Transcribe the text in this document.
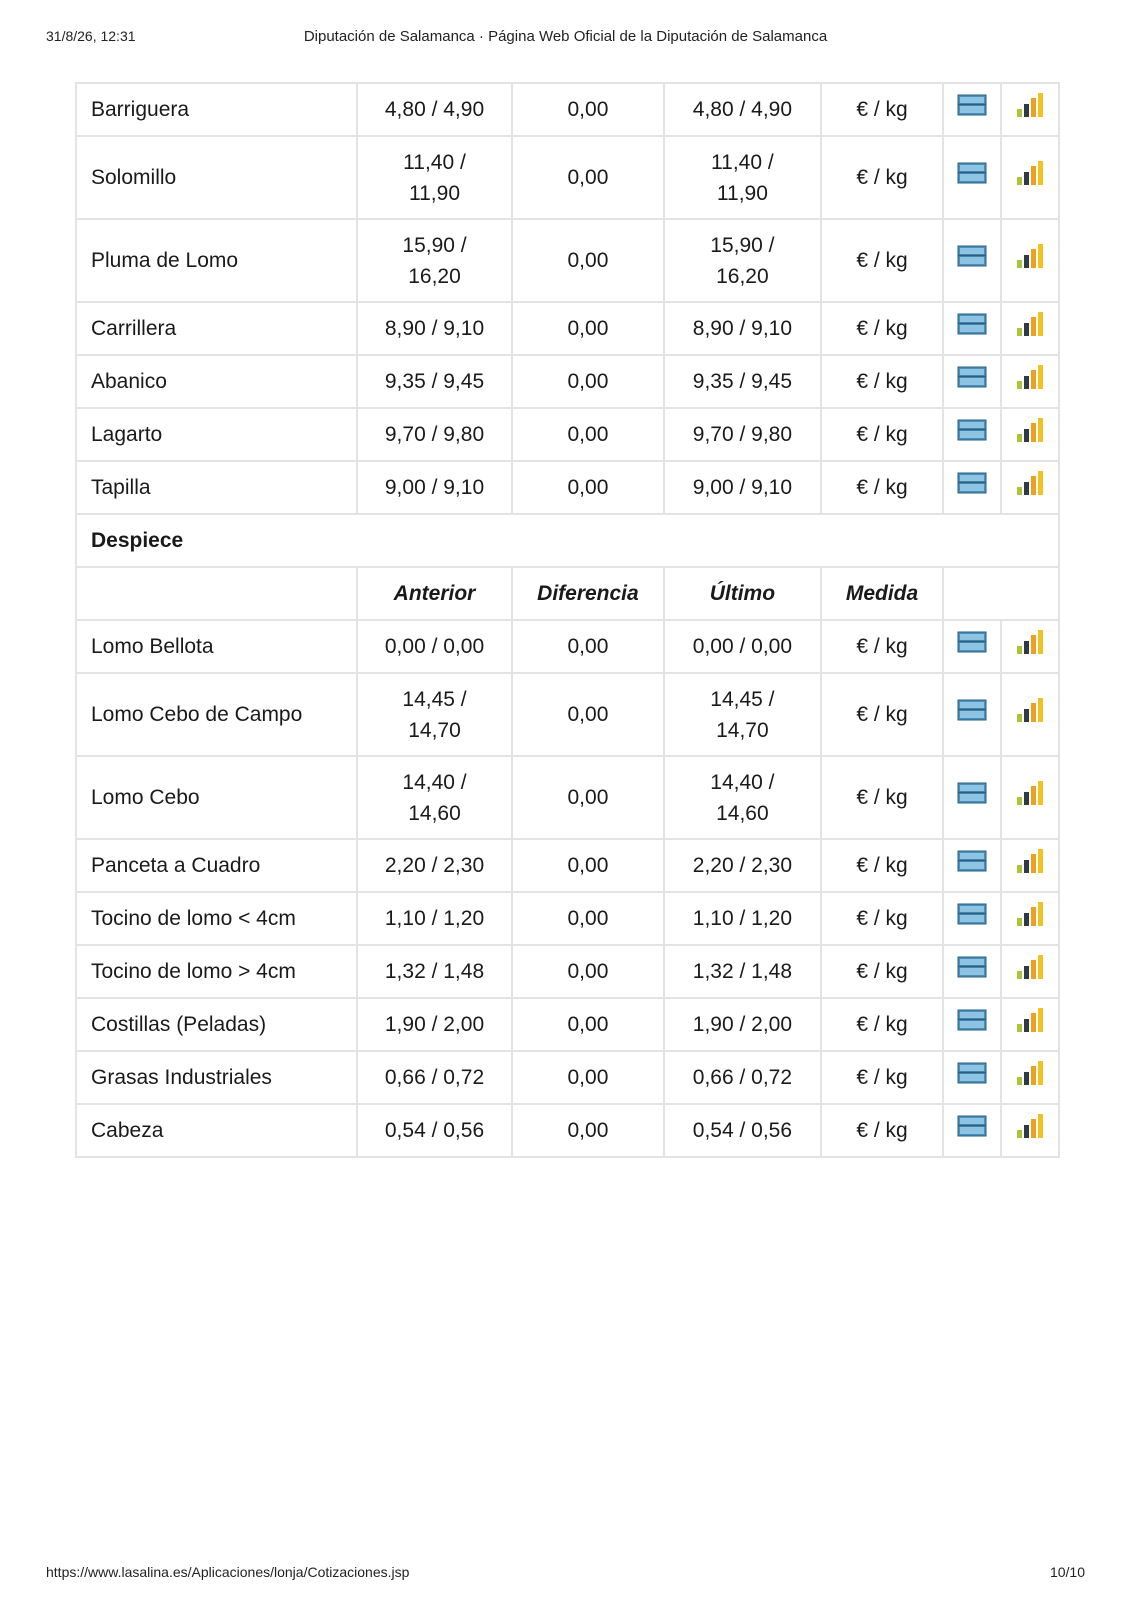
31/8/26, 12:31	Diputación de Salamanca · Página Web Oficial de la Diputación de Salamanca
Barriguera	4,80 / 4,90	0,00	4,80 / 4,90	€ / kg		
Solomillo	11,40 /
11,90	0,00	11,40 /
11,90	€ / kg		
Pluma de Lomo	15,90 /
16,20	0,00	15,90 /
16,20	€ / kg		
Carrillera	8,90 / 9,10	0,00	8,90 / 9,10	€ / kg		
Abanico	9,35 / 9,45	0,00	9,35 / 9,45	€ / kg		
Lagarto	9,70 / 9,80	0,00	9,70 / 9,80	€ / kg		
Tapilla	9,00 / 9,10	0,00	9,00 / 9,10	€ / kg		
Despiece						
	Anterior	Diferencia	Último	Medida		
Lomo Bellota	0,00 / 0,00	0,00	0,00 / 0,00	€ / kg		
Lomo Cebo de Campo	14,45 /
14,70	0,00	14,45 /
14,70	€ / kg		
Lomo Cebo	14,40 /
14,60	0,00	14,40 /
14,60	€ / kg		
Panceta a Cuadro	2,20 / 2,30	0,00	2,20 / 2,30	€ / kg		
Tocino de lomo < 4cm	1,10 / 1,20	0,00	1,10 / 1,20	€ / kg		
Tocino de lomo > 4cm	1,32 / 1,48	0,00	1,32 / 1,48	€ / kg		
Costillas (Peladas)	1,90 / 2,00	0,00	1,90 / 2,00	€ / kg		
Grasas Industriales	0,66 / 0,72	0,00	0,66 / 0,72	€ / kg		
Cabeza	0,54 / 0,56	0,00	0,54 / 0,56	€ / kg		
https://www.lasalina.es/Aplicaciones/lonja/Cotizaciones.jsp	10/10
